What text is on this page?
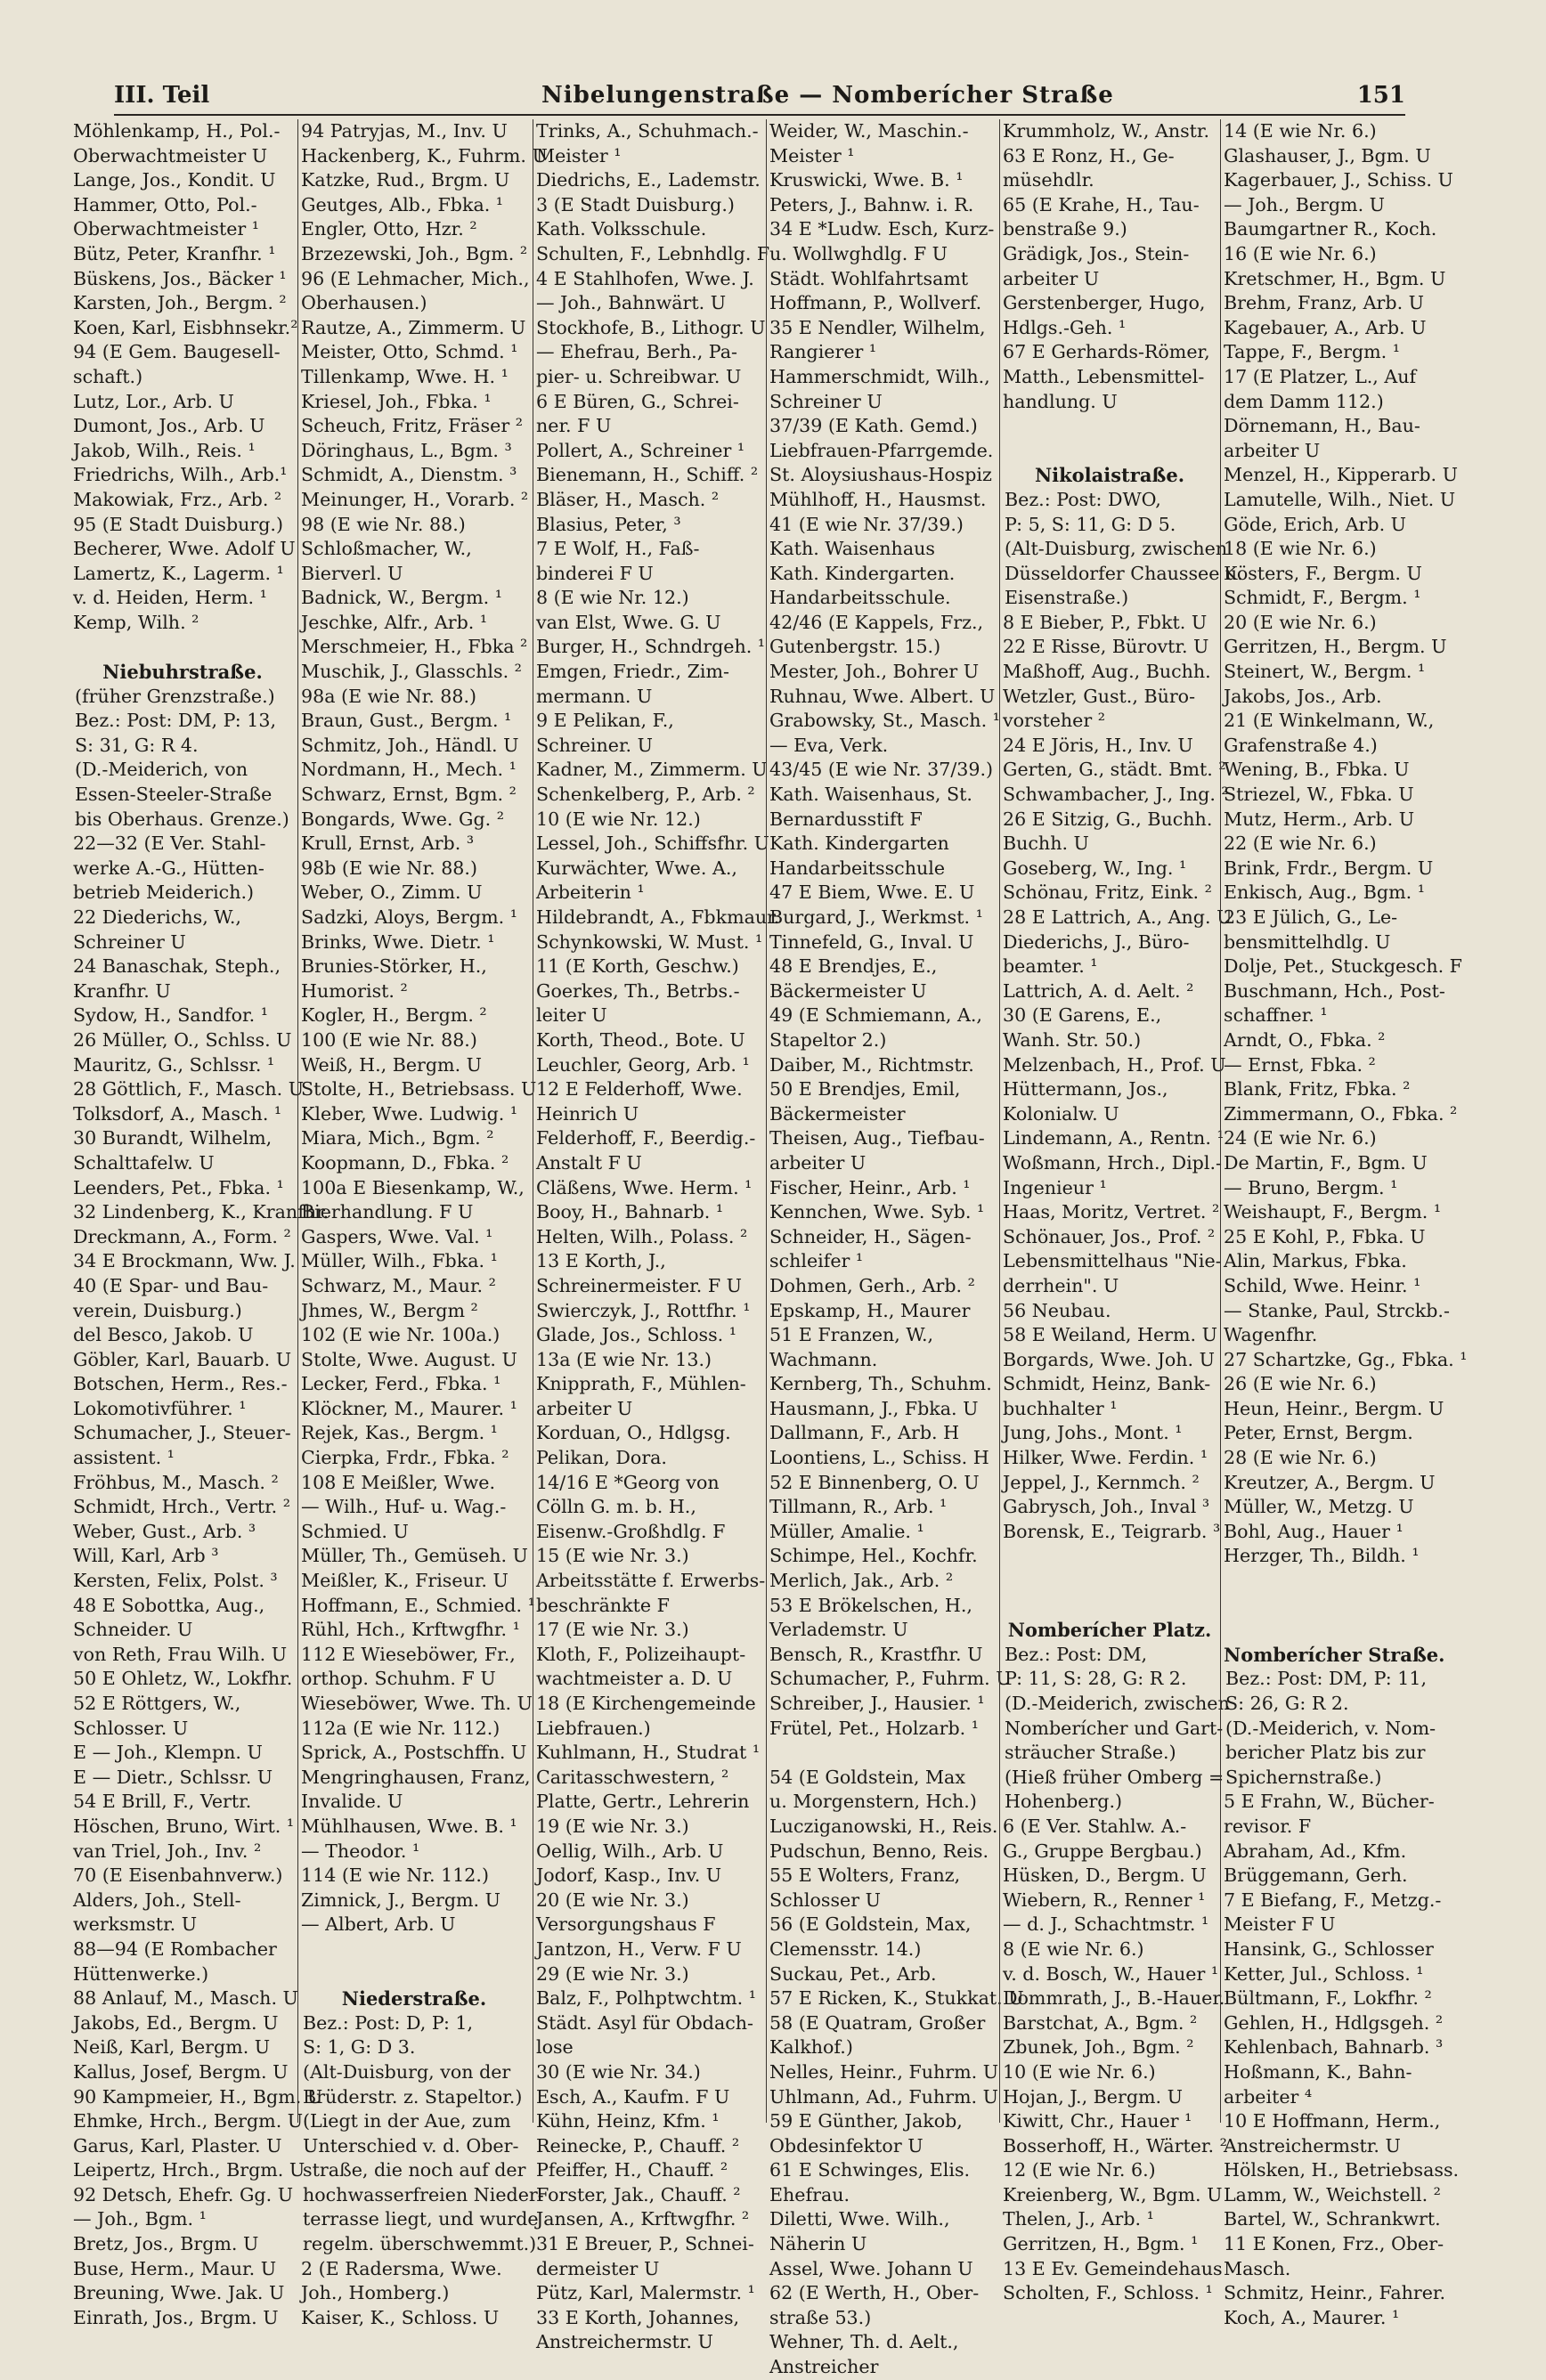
III. Teil	Nibelungenstraße — Nomberícher Straße	151
Möhlenkamp, H., Pol.-
Oberwachtmeister U
Lange, Jos., Kondit. U
Hammer, Otto, Pol.-
Oberwachtmeister ¹
Bütz, Peter, Kranfhr. ¹
Büskens, Jos., Bäcker ¹
Karsten, Joh., Bergm. ²
Koen, Karl, Eisbhnsekr.²
94 (E Gem. Baugesell-
schaft.)
Lutz, Lor., Arb. U
Dumont, Jos., Arb. U
Jakob, Wilh., Reis. ¹
Friedrichs, Wilh., Arb.¹
Makowiak, Frz., Arb. ²
95 (E Stadt Duisburg.)
Becherer, Wwe. Adolf U
Lamertz, K., Lagerm. ¹
v. d. Heiden, Herm. ¹
Kemp, Wilh. ²
Niebuhrstraße.
(früher Grenzstraße.)
Bez.: Post: DM, P: 13,
S: 31, G: R 4.
(D.-Meiderich, von
Essen-Steeler-Straße
bis Oberhaus. Grenze.)
22—32 (E Ver. Stahl-
werke A.-G., Hütten-
betrieb Meiderich.)
22 Diederichs, W.,
Schreiner U
24 Banaschak, Steph.,
Kranfhr. U
Sydow, H., Sandfor. ¹
26 Müller, O., Schlss. U
Mauritz, G., Schlssr. ¹
28 Göttlich, F., Masch. U
Tolksdorf, A., Masch. ¹
30 Burandt, Wilhelm,
Schalttafelw. U
Leenders, Pet., Fbka. ¹
32 Lindenberg, K., Kranfhr.
Dreckmann, A., Form. ²
34 E Brockmann, Ww. J.
40 (E Spar- und Bau-
verein, Duisburg.)
del Besco, Jakob. U
Göbler, Karl, Bauarb. U
Botschen, Herm., Res.-
Lokomotivführer. ¹
Schumacher, J., Steuer-
assistent. ¹
Fröhbus, M., Masch. ²
Schmidt, Hrch., Vertr. ²
Weber, Gust., Arb. ³
Will, Karl, Arb ³
Kersten, Felix, Polst. ³
48 E Sobottka, Aug.,
Schneider. U
von Reth, Frau Wilh. U
50 E Ohletz, W., Lokfhr.
52 E Röttgers, W.,
Schlosser. U
E — Joh., Klempn. U
E — Dietr., Schlssr. U
54 E Brill, F., Vertr.
Höschen, Bruno, Wirt. ¹
van Triel, Joh., Inv. ²
70 (E Eisenbahnverw.)
Alders, Joh., Stell-
werksmstr. U
88—94 (E Rombacher
Hüttenwerke.)
88 Anlauf, M., Masch. U
Jakobs, Ed., Bergm. U
Neiß, Karl, Bergm. U
Kallus, Josef, Bergm. U
90 Kampmeier, H., Bgm. U
Ehmke, Hrch., Bergm. U
Garus, Karl, Plaster. U
Leipertz, Hrch., Brgm. U
92 Detsch, Ehefr. Gg. U
— Joh., Bgm. ¹
Bretz, Jos., Brgm. U
Buse, Herm., Maur. U
Breuning, Wwe. Jak. U
Einrath, Jos., Brgm. U
94 Patryjas, M., Inv. U
Hackenberg, K., Fuhrm. U
Katzke, Rud., Brgm. U
Geutges, Alb., Fbka. ¹
Engler, Otto, Hzr. ²
Brzezewski, Joh., Bgm. ²
96 (E Lehmacher, Mich.,
Oberhausen.)
Rautze, A., Zimmerm. U
Meister, Otto, Schmd. ¹
Tillenkamp, Wwe. H. ¹
Kriesel, Joh., Fbka. ¹
Scheuch, Fritz, Fräser ²
Döringhaus, L., Bgm. ³
Schmidt, A., Dienstm. ³
Meinunger, H., Vorarb. ²
98 (E wie Nr. 88.)
Schloßmacher, W.,
Bierverl. U
Badnick, W., Bergm. ¹
Jeschke, Alfr., Arb. ¹
Merschmeier, H., Fbka ²
Muschik, J., Glasschls. ²
98a (E wie Nr. 88.)
Braun, Gust., Bergm. ¹
Schmitz, Joh., Händl. U
Nordmann, H., Mech. ¹
Schwarz, Ernst, Bgm. ²
Bongards, Wwe. Gg. ²
Krull, Ernst, Arb. ³
98b (E wie Nr. 88.)
Weber, O., Zimm. U
Sadzki, Aloys, Bergm. ¹
Brinks, Wwe. Dietr. ¹
Brunies-Störker, H.,
Humorist. ²
Kogler, H., Bergm. ²
100 (E wie Nr. 88.)
Weiß, H., Bergm. U
Stolte, H., Betriebsass. U
Kleber, Wwe. Ludwig. ¹
Miara, Mich., Bgm. ²
Koopmann, D., Fbka. ²
100a E Biesenkamp, W.,
Bierhandlung. F U
Gaspers, Wwe. Val. ¹
Müller, Wilh., Fbka. ¹
Schwarz, M., Maur. ²
Jhmes, W., Bergm ²
102 (E wie Nr. 100a.)
Stolte, Wwe. August. U
Lecker, Ferd., Fbka. ¹
Klöckner, M., Maurer. ¹
Rejek, Kas., Bergm. ¹
Cierpka, Frdr., Fbka. ²
108 E Meißler, Wwe.
— Wilh., Huf- u. Wag.-
Schmied. U
Müller, Th., Gemüseh. U
Meißler, K., Friseur. U
Hoffmann, E., Schmied. ¹
Rühl, Hch., Krftwgfhr. ¹
112 E Wieseböwer, Fr.,
orthop. Schuhm. F U
Wieseböwer, Wwe. Th. U
112a (E wie Nr. 112.)
Sprick, A., Postschffn. U
Mengringhausen, Franz,
Invalide. U
Mühlhausen, Wwe. B. ¹
— Theodor. ¹
114 (E wie Nr. 112.)
Zimnick, J., Bergm. U
— Albert, Arb. U
Niederstraße.
Bez.: Post: D, P: 1,
S: 1, G: D 3.
(Alt-Duisburg, von der
Brüderstr. z. Stapeltor.)
(Liegt in der Aue, zum
Unterschied v. d. Ober-
straße, die noch auf der
hochwasserfreien Nieder-
terrasse liegt, und wurde
regelm. überschwemmt.)
2 (E Radersma, Wwe.
Joh., Homberg.)
Kaiser, K., Schloss. U
Trinks, A., Schuhmach.-
Meister ¹
Diedrichs, E., Lademstr.
3 (E Stadt Duisburg.)
Kath. Volksschule.
Schulten, F., Lebnhdlg. F
4 E Stahlhofen, Wwe. J.
— Joh., Bahnwärt. U
Stockhofe, B., Lithogr. U
— Ehefrau, Berh., Pa-
pier- u. Schreibwar. U
6 E Büren, G., Schrei-
ner. F U
Pollert, A., Schreiner ¹
Bienemann, H., Schiff. ²
Bläser, H., Masch. ²
Blasius, Peter, ³
7 E Wolf, H., Faß-
binderei F U
8 (E wie Nr. 12.)
van Elst, Wwe. G. U
Burger, H., Schndrgeh. ¹
Emgen, Friedr., Zim-
mermann. U
9 E Pelikan, F.,
Schreiner. U
Kadner, M., Zimmerm. U
Schenkelberg, P., Arb. ²
10 (E wie Nr. 12.)
Lessel, Joh., Schiffsfhr. U
Kurwächter, Wwe. A.,
Arbeiterin ¹
Hildebrandt, A., Fbkmaur.
Schynkowski, W. Must. ¹
11 (E Korth, Geschw.)
Goerkes, Th., Betrbs.-
leiter U
Korth, Theod., Bote. U
Leuchler, Georg, Arb. ¹
12 E Felderhoff, Wwe.
Heinrich U
Felderhoff, F., Beerdig.-
Anstalt F U
Cläßens, Wwe. Herm. ¹
Booy, H., Bahnarb. ¹
Helten, Wilh., Polass. ²
13 E Korth, J.,
Schreinermeister. F U
Swierczyk, J., Rottfhr. ¹
Glade, Jos., Schloss. ¹
13a (E wie Nr. 13.)
Knipprath, F., Mühlen-
arbeiter U
Korduan, O., Hdlgsg.
Pelikan, Dora.
14/16 E *Georg von
Cölln G. m. b. H.,
Eisenw.-Großhdlg. F
15 (E wie Nr. 3.)
Arbeitsstätte f. Erwerbs-
beschränkte F
17 (E wie Nr. 3.)
Kloth, F., Polizeihaupt-
wachtmeister a. D. U
18 (E Kirchengemeinde
Liebfrauen.)
Kuhlmann, H., Studrat ¹
Caritasschwestern, ²
Platte, Gertr., Lehrerin
19 (E wie Nr. 3.)
Oellig, Wilh., Arb. U
Jodorf, Kasp., Inv. U
20 (E wie Nr. 3.)
Versorgungshaus F
Jantzon, H., Verw. F U
29 (E wie Nr. 3.)
Balz, F., Polhptwchtm. ¹
Städt. Asyl für Obdach-
lose
30 (E wie Nr. 34.)
Esch, A., Kaufm. F U
Kühn, Heinz, Kfm. ¹
Reinecke, P., Chauff. ²
Pfeiffer, H., Chauff. ²
Forster, Jak., Chauff. ²
Jansen, A., Krftwgfhr. ²
31 E Breuer, P., Schnei-
dermeister U
Pütz, Karl, Malermstr. ¹
33 E Korth, Johannes,
Anstreichermstr. U
Weider, W., Maschin.-
Meister ¹
Kruswicki, Wwe. B. ¹
Peters, J., Bahnw. i. R.
34 E *Ludw. Esch, Kurz-
u. Wollwghdlg. F U
Städt. Wohlfahrtsamt
Hoffmann, P., Wollverf.
35 E Nendler, Wilhelm,
Rangierer ¹
Hammerschmidt, Wilh.,
Schreiner U
37/39 (E Kath. Gemd.)
Liebfrauen-Pfarrgemde.
St. Aloysiushaus-Hospiz
Mühlhoff, H., Hausmst.
41 (E wie Nr. 37/39.)
Kath. Waisenhaus
Kath. Kindergarten.
Handarbeitsschule.
42/46 (E Kappels, Frz.,
Gutenbergstr. 15.)
Mester, Joh., Bohrer U
Ruhnau, Wwe. Albert. U
Grabowsky, St., Masch. ¹
— Eva, Verk.
43/45 (E wie Nr. 37/39.)
Kath. Waisenhaus, St.
Bernardusstift F
Kath. Kindergarten
Handarbeitsschule
47 E Biem, Wwe. E. U
Burgard, J., Werkmst. ¹
Tinnefeld, G., Inval. U
48 E Brendjes, E.,
Bäckermeister U
49 (E Schmiemann, A.,
Stapeltor 2.)
Daiber, M., Richtmstr.
50 E Brendjes, Emil,
Bäckermeister
Theisen, Aug., Tiefbau-
arbeiter U
Fischer, Heinr., Arb. ¹
Kennchen, Wwe. Syb. ¹
Schneider, H., Sägen-
schleifer ¹
Dohmen, Gerh., Arb. ²
Epskamp, H., Maurer
51 E Franzen, W.,
Wachmann.
Kernberg, Th., Schuhm.
Hausmann, J., Fbka. U
Dallmann, F., Arb. H
Loontiens, L., Schiss. H
52 E Binnenberg, O. U
Tillmann, R., Arb. ¹
Müller, Amalie. ¹
Schimpe, Hel., Kochfr.
Merlich, Jak., Arb. ²
53 E Brökelschen, H.,
Verlademstr. U
Bensch, R., Krastfhr. U
Schumacher, P., Fuhrm. U
Schreiber, J., Hausier. ¹
Frütel, Pet., Holzarb. ¹
54 (E Goldstein, Max
u. Morgenstern, Hch.)
Lucziganowski, H., Reis.
Pudschun, Benno, Reis.
55 E Wolters, Franz,
Schlosser U
56 (E Goldstein, Max,
Clemensstr. 14.)
Suckau, Pet., Arb.
57 E Ricken, K., Stukkat. U
58 (E Quatram, Großer
Kalkhof.)
Nelles, Heinr., Fuhrm. U
Uhlmann, Ad., Fuhrm. U
59 E Günther, Jakob,
Obdesinfektor U
61 E Schwinges, Elis.
Ehefrau.
Diletti, Wwe. Wilh.,
Näherin U
Assel, Wwe. Johann U
62 (E Werth, H., Ober-
straße 53.)
Wehner, Th. d. Aelt.,
Anstreicher
Krummholz, W., Anstr.
63 E Ronz, H., Ge-
müsehdlr.
65 (E Krahe, H., Tau-
benstraße 9.)
Grädigk, Jos., Stein-
arbeiter U
Gerstenberger, Hugo,
Hdlgs.-Geh. ¹
67 E Gerhards-Römer,
Matth., Lebensmittel-
handlung. U
Nikolaistraße.
Bez.: Post: DWO,
P: 5, S: 11, G: D 5.
(Alt-Duisburg, zwischen
Düsseldorfer Chaussee u.
Eisenstraße.)
8 E Bieber, P., Fbkt. U
22 E Risse, Bürovtr. U
Maßhoff, Aug., Buchh.
Wetzler, Gust., Büro-
vorsteher ²
24 E Jöris, H., Inv. U
Gerten, G., städt. Bmt. ²
Schwambacher, J., Ing. ²
26 E Sitzig, G., Buchh.
Buchh. U
Goseberg, W., Ing. ¹
Schönau, Fritz, Eink. ²
28 E Lattrich, A., Ang. U
Diederichs, J., Büro-
beamter. ¹
Lattrich, A. d. Aelt. ²
30 (E Garens, E.,
Wanh. Str. 50.)
Melzenbach, H., Prof. U
Hüttermann, Jos.,
Kolonialw. U
Lindemann, A., Rentn. ¹
Woßmann, Hrch., Dipl.-
Ingenieur ¹
Haas, Moritz, Vertret. ²
Schönauer, Jos., Prof. ²
Lebensmittelhaus "Nie-
derrhein". U
56 Neubau.
58 E Weiland, Herm. U
Borgards, Wwe. Joh. U
Schmidt, Heinz, Bank-
buchhalter ¹
Jung, Johs., Mont. ¹
Hilker, Wwe. Ferdin. ¹
Jeppel, J., Kernmch. ²
Gabrysch, Joh., Inval ³
Borensk, E., Teigrarb. ³
Nomberícher Platz.
Bez.: Post: DM,
P: 11, S: 28, G: R 2.
(D.-Meiderich, zwischen
Nomberícher und Gart-
sträucher Straße.)
(Hieß früher Omberg =
Hohenberg.)
6 (E Ver. Stahlw. A.-
G., Gruppe Bergbau.)
Hüsken, D., Bergm. U
Wiebern, R., Renner ¹
— d. J., Schachtmstr. ¹
8 (E wie Nr. 6.)
v. d. Bosch, W., Hauer ¹
Dommrath, J., B.-Hauer.
Barstchat, A., Bgm. ²
Zbunek, Joh., Bgm. ²
10 (E wie Nr. 6.)
Hojan, J., Bergm. U
Kiwitt, Chr., Hauer ¹
Bosserhoff, H., Wärter. ²
12 (E wie Nr. 6.)
Kreienberg, W., Bgm. U
Thelen, J., Arb. ¹
Gerritzen, H., Bgm. ¹
13 E Ev. Gemeindehaus
Scholten, F., Schloss. ¹
14 (E wie Nr. 6.)
Glashauser, J., Bgm. U
Kagerbauer, J., Schiss. U
— Joh., Bergm. U
Baumgartner R., Koch.
16 (E wie Nr. 6.)
Kretschmer, H., Bgm. U
Brehm, Franz, Arb. U
Kagebauer, A., Arb. U
Tappe, F., Bergm. ¹
17 (E Platzer, L., Auf
dem Damm 112.)
Dörnemann, H., Bau-
arbeiter U
Menzel, H., Kipperarb. U
Lamutelle, Wilh., Niet. U
Göde, Erich, Arb. U
18 (E wie Nr. 6.)
Kösters, F., Bergm. U
Schmidt, F., Bergm. ¹
20 (E wie Nr. 6.)
Gerritzen, H., Bergm. U
Steinert, W., Bergm. ¹
Jakobs, Jos., Arb.
21 (E Winkelmann, W.,
Grafenstraße 4.)
Wening, B., Fbka. U
Striezel, W., Fbka. U
Mutz, Herm., Arb. U
22 (E wie Nr. 6.)
Brink, Frdr., Bergm. U
Enkisch, Aug., Bgm. ¹
23 E Jülich, G., Le-
bensmittelhdlg. U
Dolje, Pet., Stuckgesch. F
Buschmann, Hch., Post-
schaffner. ¹
Arndt, O., Fbka. ²
— Ernst, Fbka. ²
Blank, Fritz, Fbka. ²
Zimmermann, O., Fbka. ²
24 (E wie Nr. 6.)
De Martin, F., Bgm. U
— Bruno, Bergm. ¹
Weishaupt, F., Bergm. ¹
25 E Kohl, P., Fbka. U
Alin, Markus, Fbka.
Schild, Wwe. Heinr. ¹
— Stanke, Paul, Strckb.-
Wagenfhr.
27 Schartzke, Gg., Fbka. ¹
26 (E wie Nr. 6.)
Heun, Heinr., Bergm. U
Peter, Ernst, Bergm.
28 (E wie Nr. 6.)
Kreutzer, A., Bergm. U
Müller, W., Metzg. U
Bohl, Aug., Hauer ¹
Herzger, Th., Bildh. ¹
Nomberícher Straße.
Bez.: Post: DM, P: 11,
S: 26, G: R 2.
(D.-Meiderich, v. Nom-
bericher Platz bis zur
Spichernstraße.)
5 E Frahn, W., Bücher-
revisor. F
Abraham, Ad., Kfm.
Brüggemann, Gerh.
7 E Biefang, F., Metzg.-
Meister F U
Hansink, G., Schlosser
Ketter, Jul., Schloss. ¹
Bültmann, F., Lokfhr. ²
Gehlen, H., Hdlgsgeh. ²
Kehlenbach, Bahnarb. ³
Hoßmann, K., Bahn-
arbeiter ⁴
10 E Hoffmann, Herm.,
Anstreichermstr. U
Hölsken, H., Betriebsass.
Lamm, W., Weichstell. ²
Bartel, W., Schrankwrt.
11 E Konen, Frz., Ober-
Masch.
Schmitz, Heinr., Fahrer.
Koch, A., Maurer. ¹
